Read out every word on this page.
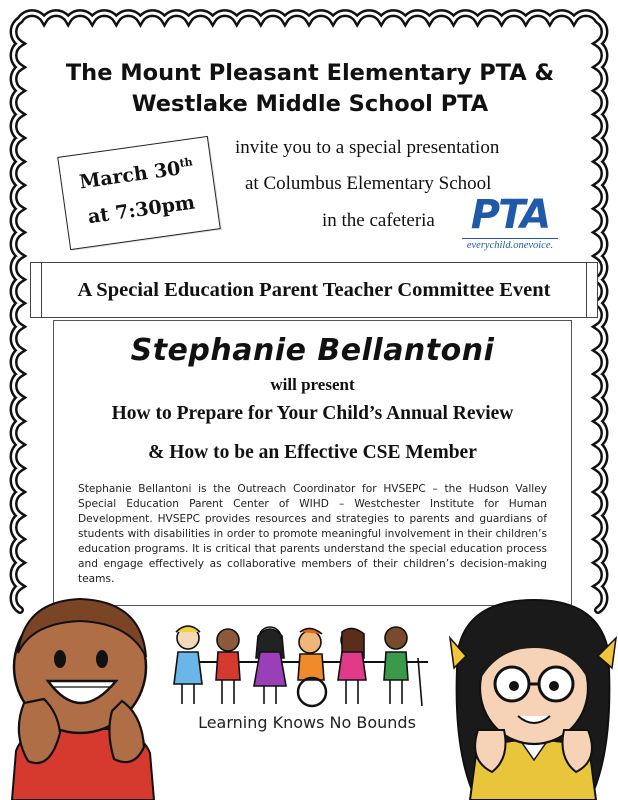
The Mount Pleasant Elementary PTA &
Westlake Middle School PTA
March 30th
at 7:30pm
invite you to a special presentation
at Columbus Elementary School
in the cafeteria PTA
everychild.onevoice.
A Special Education Parent Teacher Committee Event
Stephanie Bellantoni
will present
How to Prepare for Your Child’s Annual Review
& How to be an Effective CSE Member
Stephanie Bellantoni is the Outreach Coordinator for HVSEPC – the Hudson Valley Special Education Parent Center of WIHD – Westchester Institute for Human Development. HVSEPC provides resources and strategies to parents and guardians of students with disabilities in order to promote meaningful involvement in their children’s education programs. It is critical that parents understand the special education process and engage effectively as collaborative members of their children’s decision-making teams.
Learning Knows No Bounds
